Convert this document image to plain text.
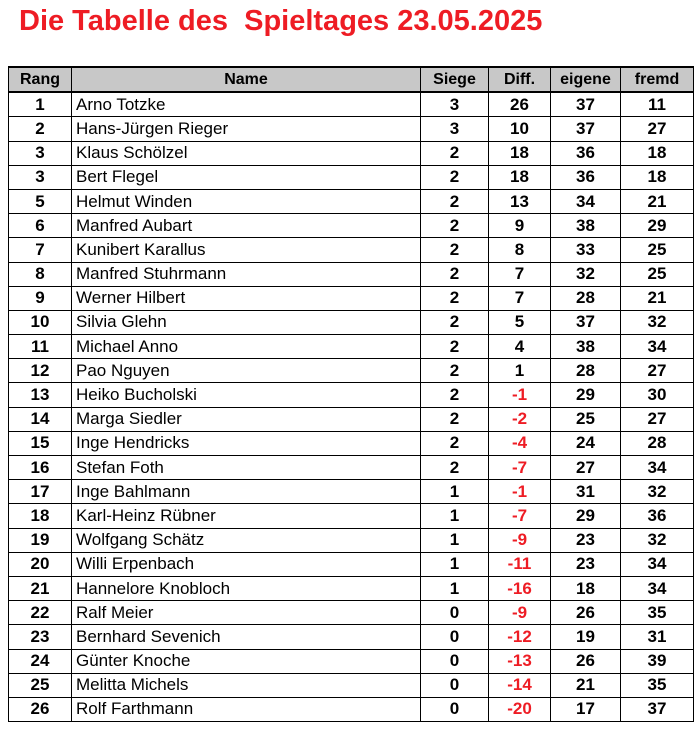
Die Tabelle des  Spieltages 23.05.2025
Rang	Name	Siege	Diff.	eigene	fremd
1	Arno Totzke	3	26	37	11
2	Hans-Jürgen Rieger	3	10	37	27
3	Klaus Schölzel	2	18	36	18
3	Bert Flegel	2	18	36	18
5	Helmut Winden	2	13	34	21
6	Manfred Aubart	2	9	38	29
7	Kunibert Karallus	2	8	33	25
8	Manfred Stuhrmann	2	7	32	25
9	Werner Hilbert	2	7	28	21
10	Silvia Glehn	2	5	37	32
11	Michael Anno	2	4	38	34
12	Pao Nguyen	2	1	28	27
13	Heiko Bucholski	2	-1	29	30
14	Marga Siedler	2	-2	25	27
15	Inge Hendricks	2	-4	24	28
16	Stefan Foth	2	-7	27	34
17	Inge Bahlmann	1	-1	31	32
18	Karl-Heinz Rübner	1	-7	29	36
19	Wolfgang Schätz	1	-9	23	32
20	Willi Erpenbach	1	-11	23	34
21	Hannelore Knobloch	1	-16	18	34
22	Ralf Meier	0	-9	26	35
23	Bernhard Sevenich	0	-12	19	31
24	Günter Knoche	0	-13	26	39
25	Melitta Michels	0	-14	21	35
26	Rolf Farthmann	0	-20	17	37
